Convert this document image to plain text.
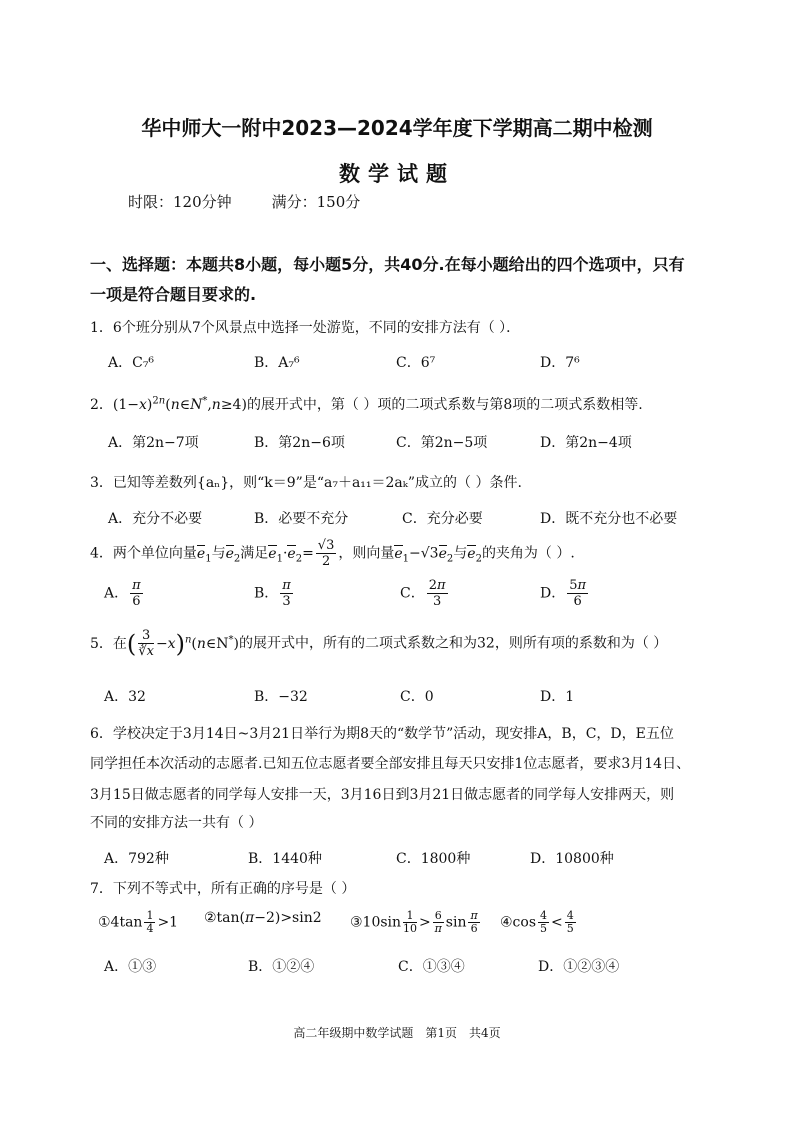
华中师大一附中2023—2024学年度下学期高二期中检测
数学试题
时限：120分钟	满分：150分
一、选择题：本题共8小题，每小题5分，共40分.在每小题给出的四个选项中，只有
一项是符合题目要求的.
1．6个班分别从7个风景点中选择一处游览，不同的安排方法有（ ）．
A．C₇⁶	B．A₇⁶	C．6⁷	D．7⁶
2．$(1-x)^{2n}(n\in N^*,n\ge 4)$的展开式中，第（ ）项的二项式系数与第8项的二项式系数相等.
A．第2n−7项	B．第2n−6项	C．第2n−5项	D．第2n−4项
3．已知等差数列{aₙ}，则“k＝9”是“a₇＋a₁₁＝2aₖ”成立的（ ）条件.
A．充分不必要	B．必要不充分	C．充分必要	D．既不充分也不必要
4．两个单位向量$e_1$与$e_2$满足$e_1\cdot e_2= \frac{√3}{2}$ ，则向量$e_1-√3e_2$与$e_2$的夹角为（ ）.
A． $\frac{\pi}{6}$	B． $\frac{\pi}{3}$	C． $\frac{2\pi}{3}$	D． $\frac{5\pi}{6}$
5．在( $\frac{3}{∛x}$ −x)$^n$(n∈N*)的展开式中，所有的二项式系数之和为32，则所有项的系数和为（ ）
A．32	B．−32	C．0	D．1
6．学校决定于3月14日~3月21日举行为期8天的“数学节”活动，现安排A，B，C，D，E五位
同学担任本次活动的志愿者.已知五位志愿者要全部安排且每天只安排1位志愿者，要求3月14日、
3月15日做志愿者的同学每人安排一天，3月16日到3月21日做志愿者的同学每人安排两天，则
不同的安排方法一共有（ ）
A．792种	B．1440种	C．1800种	D．10800种
7．下列不等式中，所有正确的序号是（ ）
①4tan $\frac{1}{4} >1$ ②tan(π−2)>sin2 ③10sin $\frac{1}{10} > \frac{6}{\pi}$ $\sin \frac{\pi}{6}$ ④cos $\frac{4}{5} < \frac{4}{5}$
A．①③	B．①②④	C．①③④	D．①②③④
高二年级期中数学试题　第1页　共4页
